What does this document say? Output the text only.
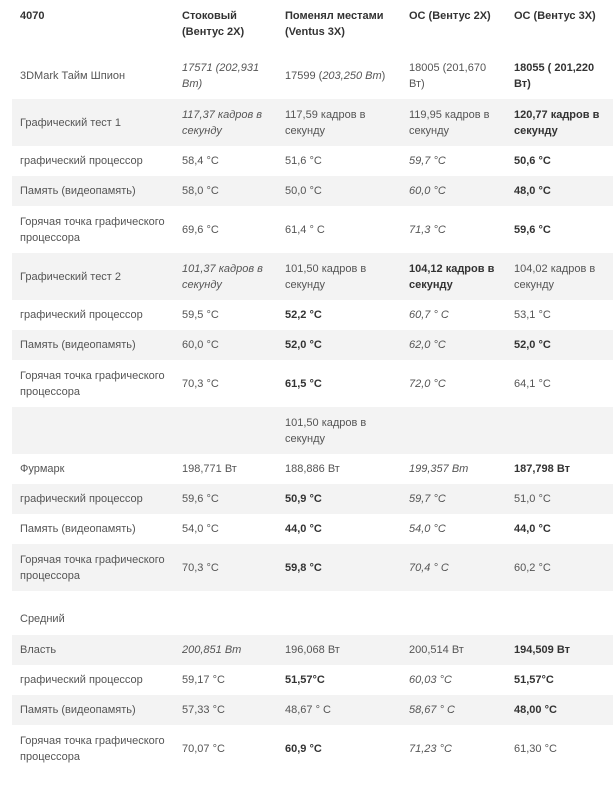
4070	Стоковый (Вентус 2X)	Поменял местами (Ventus 3X)	ОС (Вентус 2X)	ОС (Вентус 3X)
3DMark Тайм Шпион	17571 (202,931 Вт)	17599 (203,250 Вт)	18005 (201,670 Вт)	18055 ( 201,220 Вт)
Графический тест 1	117,37 кадров в секунду	117,59 кадров в секунду	119,95 кадров в секунду	120,77 кадров в секунду
графический процессор	58,4 °C	51,6 °C	59,7 °C	50,6 °C
Память (видеопамять)	58,0 °C	50,0 °C	60,0 °C	48,0 °C
Горячая точка графического процессора	69,6 °C	61,4 ° C	71,3 °C	59,6 °C
Графический тест 2	101,37 кадров в секунду	101,50 кадров в секунду	104,12 кадров в секунду	104,02 кадров в секунду
графический процессор	59,5 °C	52,2 °C	60,7 ° C	53,1 °C
Память (видеопамять)	60,0 °C	52,0 °C	62,0 °C	52,0 °C
Горячая точка графического процессора	70,3 °C	61,5 °C	72,0 °C	64,1 °C
		101,50 кадров в секунду		
Фурмарк	198,771 Вт	188,886 Вт	199,357 Вт	187,798 Вт
графический процессор	59,6 °C	50,9 °C	59,7 °C	51,0 °C
Память (видеопамять)	54,0 °C	44,0 °C	54,0 °C	44,0 °C
Горячая точка графического процессора	70,3 °C	59,8 °C	70,4 ° C	60,2 °C

Средний				
Власть	200,851 Вт	196,068 Вт	200,514 Вт	194,509 Вт
графический процессор	59,17 °C	51,57°C	60,03 °C	51,57°C
Память (видеопамять)	57,33 °C	48,67 ° C	58,67 ° C	48,00 °C
Горячая точка графического процессора	70,07 °C	60,9 °C	71,23 °C	61,30 °C
